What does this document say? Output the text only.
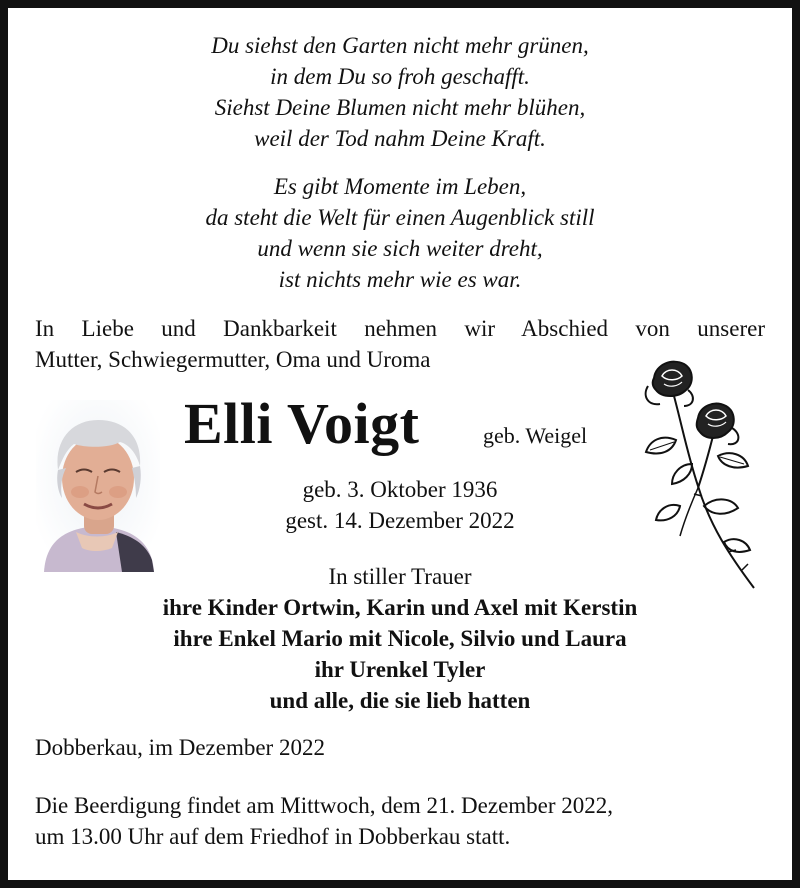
Du siehst den Garten nicht mehr grünen,
in dem Du so froh geschafft.
Siehst Deine Blumen nicht mehr blühen,
weil der Tod nahm Deine Kraft.
Es gibt Momente im Leben,
da steht die Welt für einen Augenblick still
und wenn sie sich weiter dreht,
ist nichts mehr wie es war.
In Liebe und Dankbarkeit nehmen wir Abschied von unserer
Mutter, Schwiegermutter, Oma und Uroma
Elli Voigt	geb. Weigel
geb. 3. Oktober 1936
gest. 14. Dezember 2022
In stiller Trauer
ihre Kinder Ortwin, Karin und Axel mit Kerstin
ihre Enkel Mario mit Nicole, Silvio und Laura
ihr Urenkel Tyler
und alle, die sie lieb hatten
Dobberkau, im Dezember 2022
Die Beerdigung findet am Mittwoch, dem 21. Dezember 2022,
um 13.00 Uhr auf dem Friedhof in Dobberkau statt.
